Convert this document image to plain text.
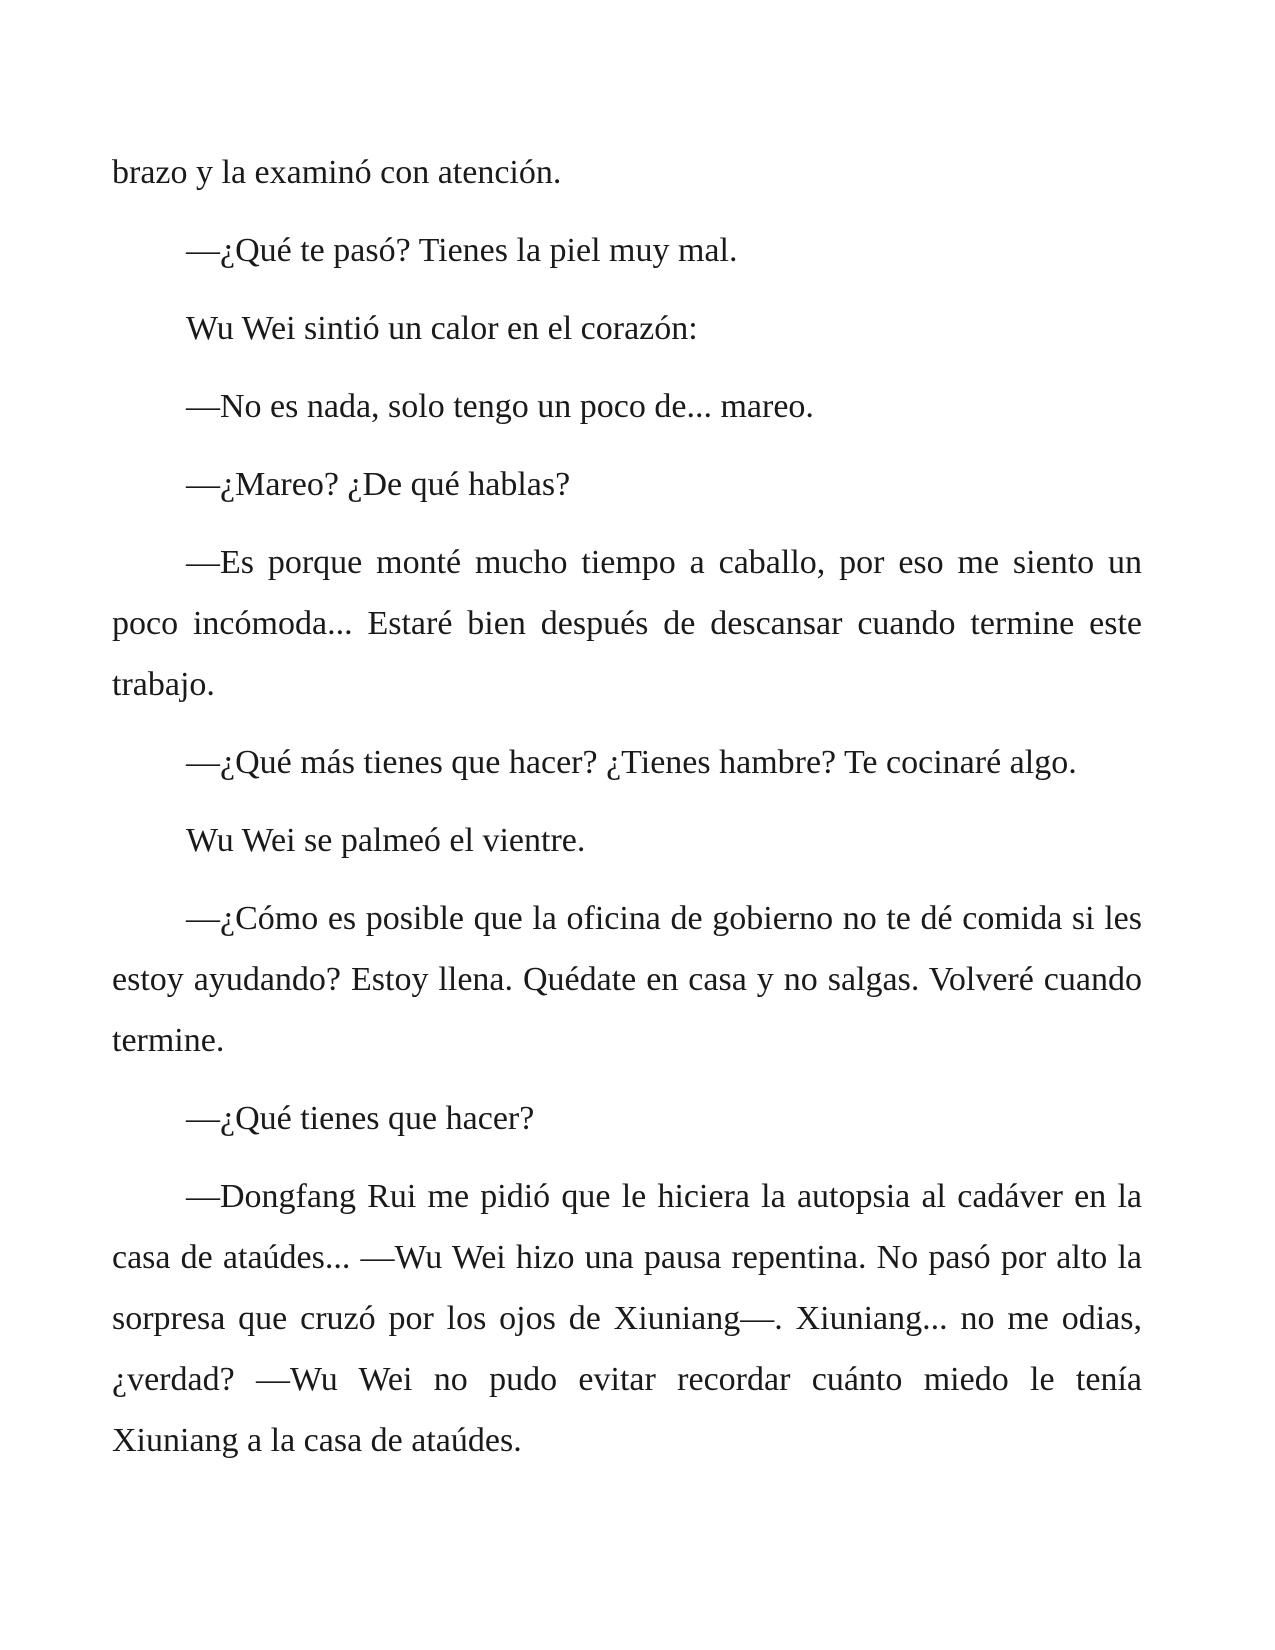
brazo y la examinó con atención.

—¿Qué te pasó? Tienes la piel muy mal.

Wu Wei sintió un calor en el corazón:

—No es nada, solo tengo un poco de... mareo.

—¿Mareo? ¿De qué hablas?

—Es porque monté mucho tiempo a caballo, por eso me siento un poco incómoda... Estaré bien después de descansar cuando termine este trabajo.

—¿Qué más tienes que hacer? ¿Tienes hambre? Te cocinaré algo.

Wu Wei se palmeó el vientre.

—¿Cómo es posible que la oficina de gobierno no te dé comida si les estoy ayudando? Estoy llena. Quédate en casa y no salgas. Volveré cuando termine.

—¿Qué tienes que hacer?

—Dongfang Rui me pidió que le hiciera la autopsia al cadáver en la casa de ataúdes... —Wu Wei hizo una pausa repentina. No pasó por alto la sorpresa que cruzó por los ojos de Xiuniang—. Xiuniang... no me odias, ¿verdad? —Wu Wei no pudo evitar recordar cuánto miedo le tenía Xiuniang a la casa de ataúdes.
